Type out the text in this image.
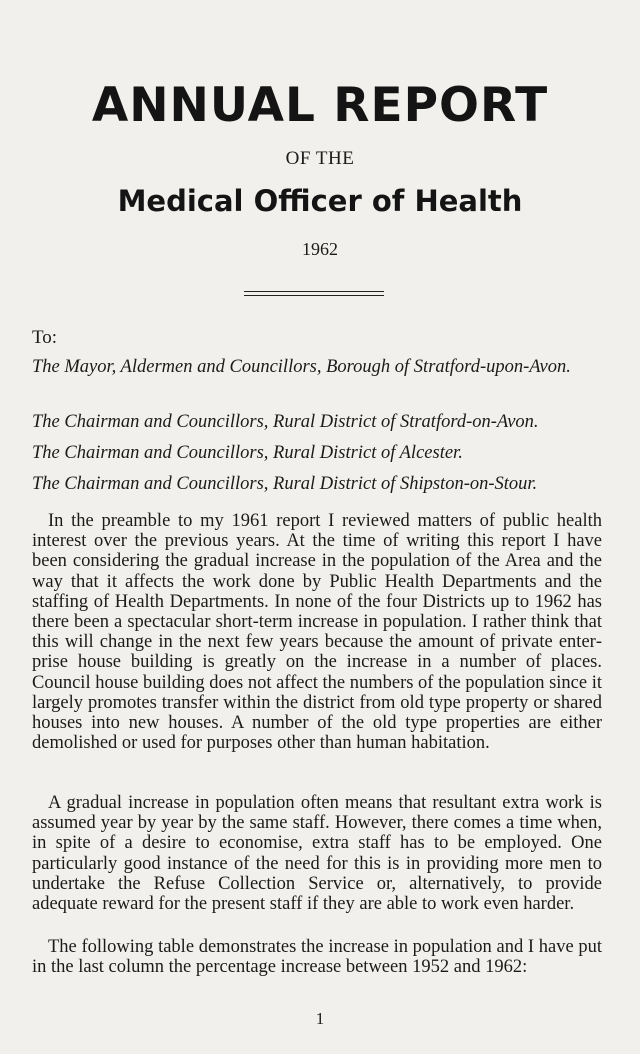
ANNUAL REPORT
OF THE
Medical Officer of Health
1962
To:
The Mayor, Aldermen and Councillors, Borough of Stratford-upon-Avon.
The Chairman and Councillors, Rural District of Stratford-on-Avon.
The Chairman and Councillors, Rural District of Alcester.
The Chairman and Councillors, Rural District of Shipston-on-Stour.

In the preamble to my 1961 report I reviewed matters of public health interest over the previous years. At the time of writing this report I have been considering the gradual increase in the population of the Area and the way that it affects the work done by Public Health Departments and the staffing of Health Departments. In none of the four Districts up to 1962 has there been a spectacular short-term increase in population. I rather think that this will change in the next few years because the amount of private enterprise house building is greatly on the increase in a number of places. Council house building does not affect the numbers of the population since it largely promotes transfer within the district from old type property or shared houses into new houses. A number of the old type properties are either demolished or used for purposes other than human habitation.

A gradual increase in population often means that resultant extra work is assumed year by year by the same staff. However, there comes a time when, in spite of a desire to economise, extra staff has to be employed. One particularly good instance of the need for this is in providing more men to undertake the Refuse Collection Service or, alternatively, to provide adequate reward for the present staff if they are able to work even harder.

The following table demonstrates the increase in population and I have put in the last column the percentage increase between 1952 and 1962:

1
